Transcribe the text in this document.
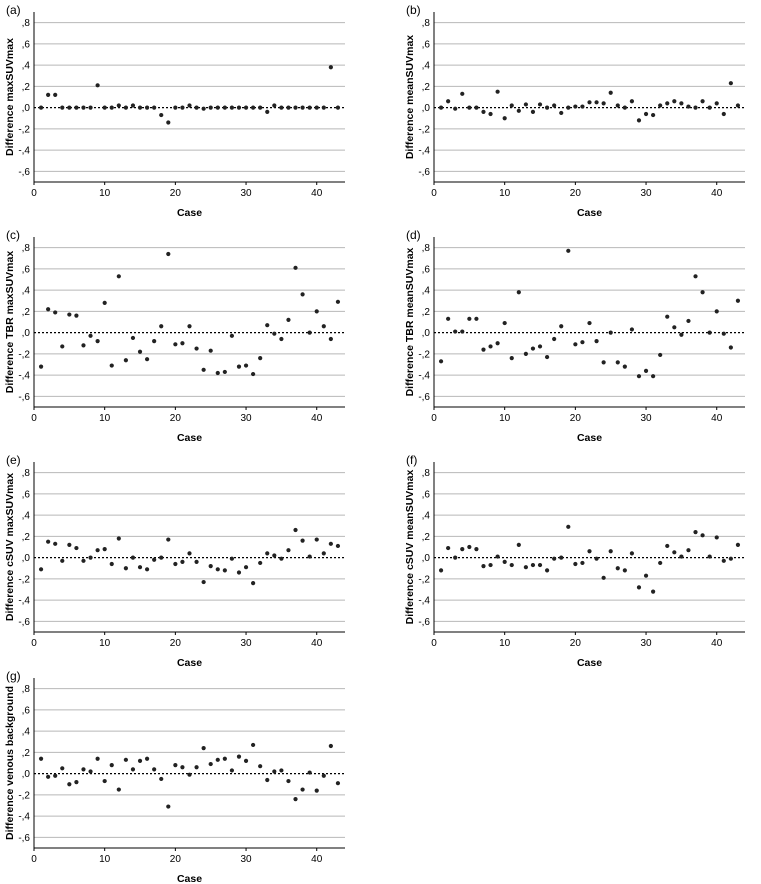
(a)
,8
,6
,4
,2
,0
-,2
-,4
-,6
0	10	20	30	40
Case
Difference maxSUVmax
(b)
,8
,6
,4
,2
,0
-,2
-,4
-,6
0	10	20	30	40
Case
Difference meanSUVmax
(c)
,8
,6
,4
,2
,0
-,2
-,4
-,6
0	10	20	30	40
Case
Difference TBR maxSUVmax
(d)
,8
,6
,4
,2
,0
-,2
-,4
-,6
0	10	20	30	40
Case
Difference TBR meanSUVmax
(e)
,8
,6
,4
,2
,0
-,2
-,4
-,6
0	10	20	30	40
Case
Difference cSUV maxSUVmax
(f)
,8
,6
,4
,2
,0
-,2
-,4
-,6
0	10	20	30	40
Case
Difference cSUV meanSUVmax
(g)
,8
,6
,4
,2
,0
-,2
-,4
-,6
0	10	20	30	40
Case
Difference venous background
